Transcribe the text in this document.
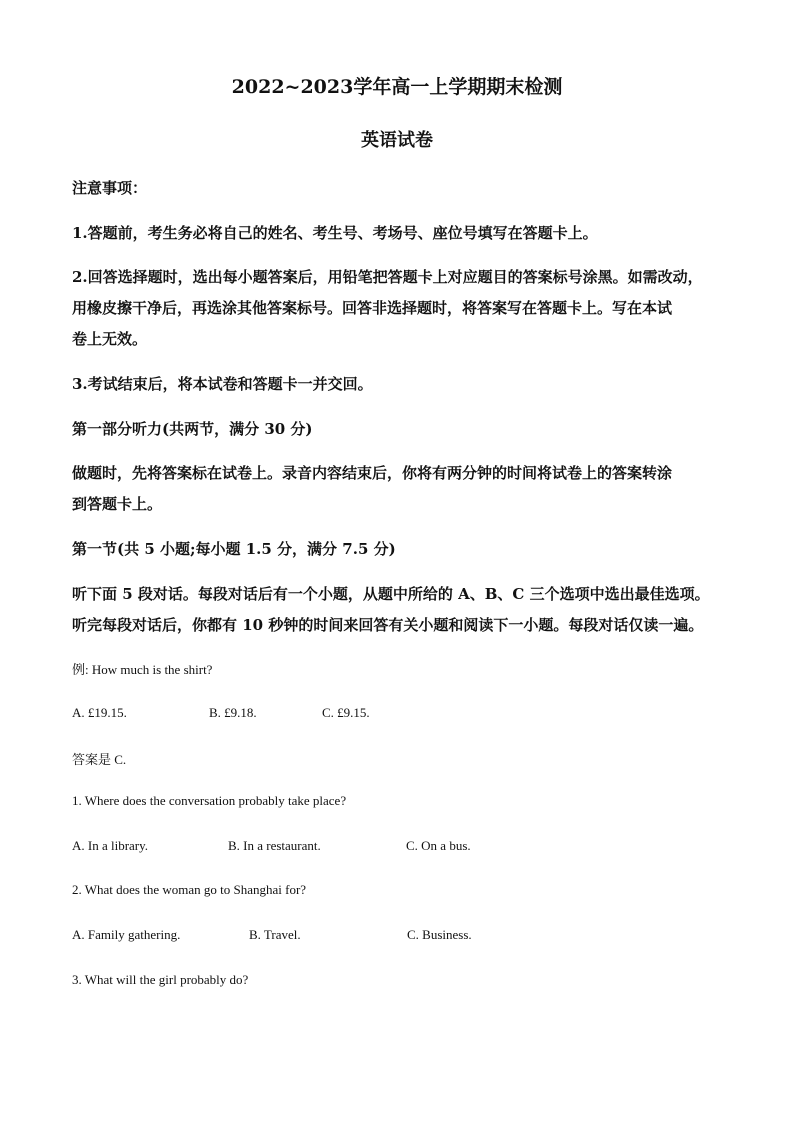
2022~2023学年高一上学期期末检测
英语试卷
注意事项：
1.答题前，考生务必将自己的姓名、考生号、考场号、座位号填写在答题卡上。
2.回答选择题时，选出每小题答案后，用铅笔把答题卡上对应题目的答案标号涂黑。如需改动，
用橡皮擦干净后，再选涂其他答案标号。回答非选择题时，将答案写在答题卡上。写在本试
卷上无效。
3.考试结束后，将本试卷和答题卡一并交回。
第一部分听力(共两节，满分 30 分)
做题时，先将答案标在试卷上。录音内容结束后，你将有两分钟的时间将试卷上的答案转涂
到答题卡上。
第一节(共 5 小题;每小题 1.5 分，满分 7.5 分)
听下面 5 段对话。每段对话后有一个小题，从题中所给的 A、B、C 三个选项中选出最佳选项。
听完每段对话后，你都有 10 秒钟的时间来回答有关小题和阅读下一小题。每段对话仅读一遍。
例: How much is the shirt?
A. £19.15.	B. £9.18.	C. £9.15.
答案是 C.
1. Where does the conversation probably take place?
A. In a library.	B. In a restaurant.	C. On a bus.
2. What does the woman go to Shanghai for?
A. Family gathering.	B. Travel.	C. Business.
3. What will the girl probably do?
